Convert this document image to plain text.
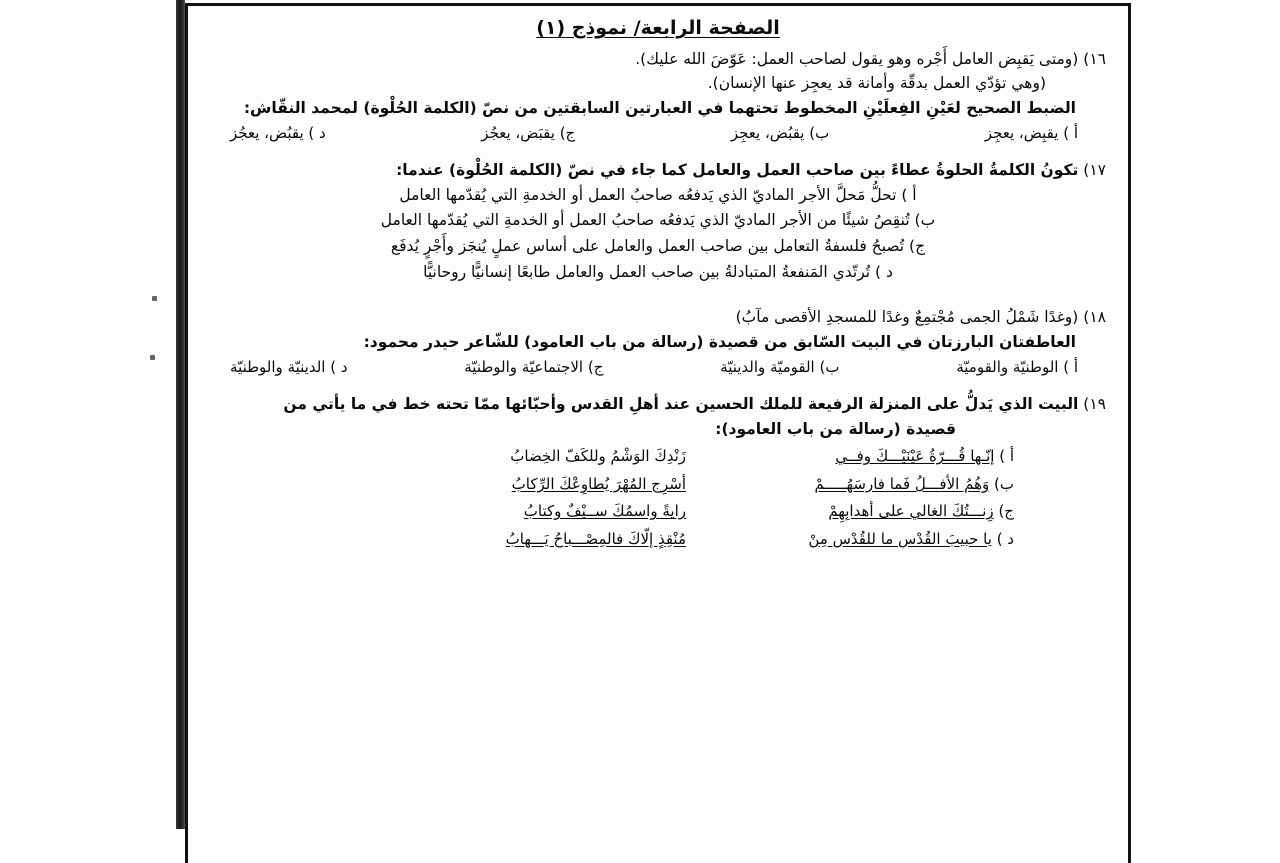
الصفحة الرابعة/ نموذج (١)
١٦) (ومتى يَقبِض العامل أَجْره وهو يقول لصاحب العمل: عَوّضَ الله عليك).
(وهي تؤدّي العمل بدقّة وأمانة قد يعجِز عنها الإنسان).
الضبط الصحيح لعَيْنِ الفِعلَيْنِ المخطوط تحتهما في العبارتين السابقتين من نصّ (الكلمة الحُلْوة) لمحمد النقّاش:
أ ) يقبِض، يعجِز
ب) يقبُض، يعجِز
ج) يقبَض، يعجُز
د ) يقبُض، يعجُز
١٧) تكونُ الكلمةُ الحلوةُ عطاءً بين صاحب العمل والعامل كما جاء في نصّ (الكلمة الحُلْوة) عندما:
أ ) تحلُّ مَحلَّ الأجر الماديّ الذي يَدفعُه صاحبُ العمل أو الخدمةِ التي يُقدّمها العامل
ب) تُنقِصُ شيئًا من الأجر الماديّ الذي يَدفعُه صاحبُ العمل أو الخدمةِ التي يُقدّمها العامل
ج) تُصبحُ فلسفةُ التعامل بين صاحب العمل والعامل على أساس عملٍ يُنجَز وأَجْرٍ يُدفَع
د ) تُرتّدي المَنفعةُ المتبادلةُ بين صاحب العمل والعامل طابعًا إنسانيًّا روحانيًّا
١٨) (وغدًا شَمْلُ الجمى مُجْتمِعٌ وغدًا للمسجدِ الأقصى مآبُ)
العاطفتان البارزتان في البيت السّابق من قصيدة (رسالة من باب العامود) للشّاعر حيدر محمود:
أ ) الوطنيّة والقوميّة
ب) القوميّة والدينيّة
ج) الاجتماعيّة والوطنيّة
د ) الدينيّة والوطنيّة
١٩) البيت الذي يَدلُّ على المنزلة الرفيعة للملك الحسين عند أهلِ القدس وأحبّائها ممّا تحته خط في ما يأتي من
قصيدة (رسالة من باب العامود):
أ ) إنّـها قُـــرّةُ عَيْنَيْـــكَ وفــي
زَنْدِكَ الوَشْمُ وللكَفّ الخِضابُ
ب) وَهُمُ الأفـــلُ فَما فارسَهُـــــمْ
أسْرِج المُهْرَ يُطاوِعْكَ الرِّكابُ
ج) زِنـــتُكَ الغالي على أهدابِهِمْ
رايةً واسمُكَ ســيْفٌ وكتابُ
د ) يا حبيبَ القُدْس ما للقُدْس مِنْ
مُنْقِذٍ إلّاكَ فالمِصْـــباحُ يَـــهابُ
